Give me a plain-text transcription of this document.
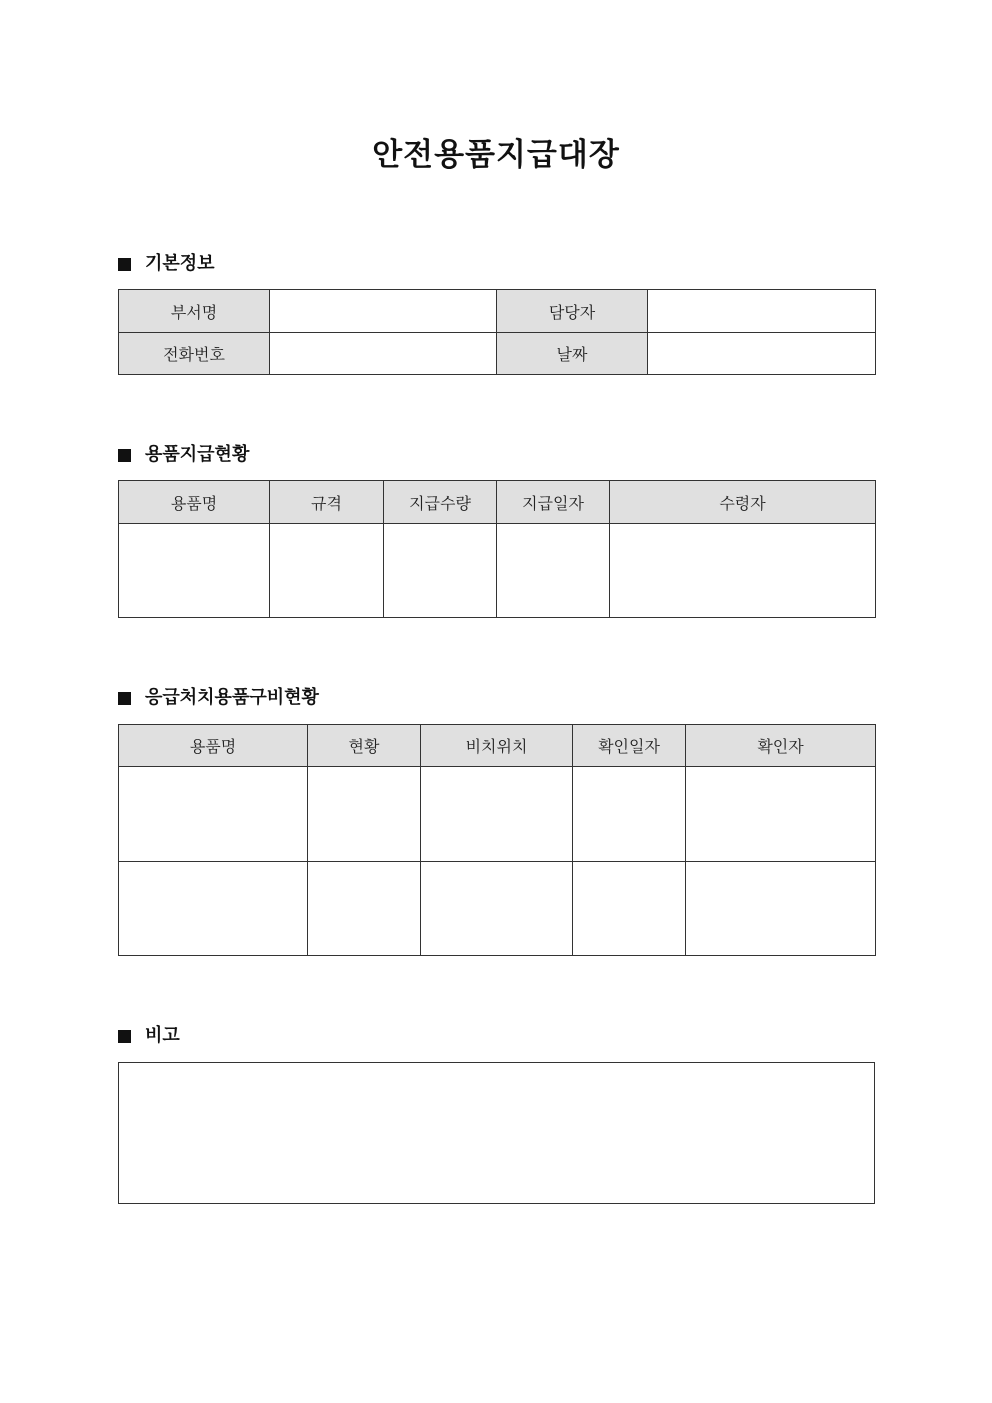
안전용품지급대장
기본정보
부서명		담당자	
전화번호		날짜	
용품지급현황
용품명	규격	지급수량	지급일자	수령자

응급처치용품구비현황
용품명	현황	비치위치	확인일자	확인자

비고
